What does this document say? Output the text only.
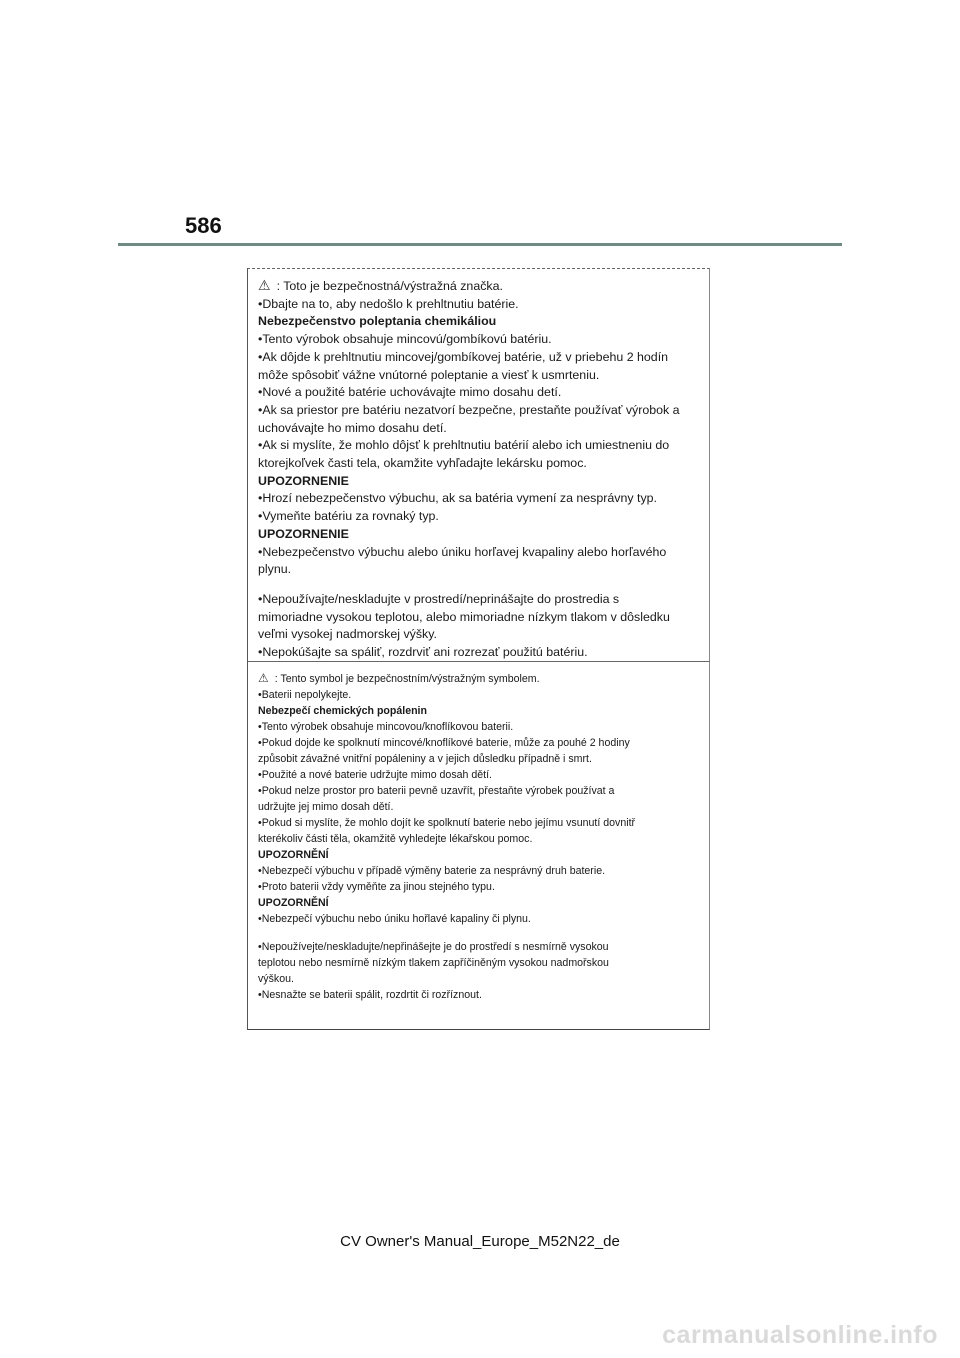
586
⚠ : Toto je bezpečnostná/výstražná značka.
•Dbajte na to, aby nedošlo k prehltnutiu batérie.
Nebezpečenstvo poleptania chemikáliou
•Tento výrobok obsahuje mincovú/gombíkovú batériu.
•Ak dôjde k prehltnutiu mincovej/gombíkovej batérie, už v priebehu 2 hodín
môže spôsobiť vážne vnútorné poleptanie a viesť k usmrteniu.
•Nové a použité batérie uchovávajte mimo dosahu detí.
•Ak sa priestor pre batériu nezatvorí bezpečne, prestaňte používať výrobok a
uchovávajte ho mimo dosahu detí.
•Ak si myslíte, že mohlo dôjsť k prehltnutiu batérií alebo ich umiestneniu do
ktorejkoľvek časti tela, okamžite vyhľadajte lekársku pomoc.
UPOZORNENIE
•Hrozí nebezpečenstvo výbuchu, ak sa batéria vymení za nesprávny typ.
•Vymeňte batériu za rovnaký typ.
UPOZORNENIE
•Nebezpečenstvo výbuchu alebo úniku horľavej kvapaliny alebo horľavého
plynu.
•Nepoužívajte/neskladujte v prostredí/neprinášajte do prostredia s
mimoriadne vysokou teplotou, alebo mimoriadne nízkym tlakom v dôsledku
veľmi vysokej nadmorskej výšky.
•Nepokúšajte sa spáliť, rozdrviť ani rozrezať použitú batériu.
⚠ : Tento symbol je bezpečnostním/výstražným symbolem.
•Baterii nepolykejte.
Nebezpečí chemických popálenin
•Tento výrobek obsahuje mincovou/knoflíkovou baterii.
•Pokud dojde ke spolknutí mincové/knoflíkové baterie, může za pouhé 2 hodiny
způsobit závažné vnitřní popáleniny a v jejich důsledku případně i smrt.
•Použité a nové baterie udržujte mimo dosah dětí.
•Pokud nelze prostor pro baterii pevně uzavřít, přestaňte výrobek používat a
udržujte jej mimo dosah dětí.
•Pokud si myslíte, že mohlo dojít ke spolknutí baterie nebo jejímu vsunutí dovnitř
kterékoliv části těla, okamžitě vyhledejte lékařskou pomoc.
UPOZORNĚNÍ
•Nebezpečí výbuchu v případě výměny baterie za nesprávný druh baterie.
•Proto baterii vždy vyměňte za jinou stejného typu.
UPOZORNĚNÍ
•Nebezpečí výbuchu nebo úniku hořlavé kapaliny či plynu.
•Nepoužívejte/neskladujte/nepřinášejte je do prostředí s nesmírně vysokou
teplotou nebo nesmírně nízkým tlakem zapříčiněným vysokou nadmořskou
výškou.
•Nesnažte se baterii spálit, rozdrtit či rozříznout.
CV Owner's Manual_Europe_M52N22_de
carmanualsonline.info
